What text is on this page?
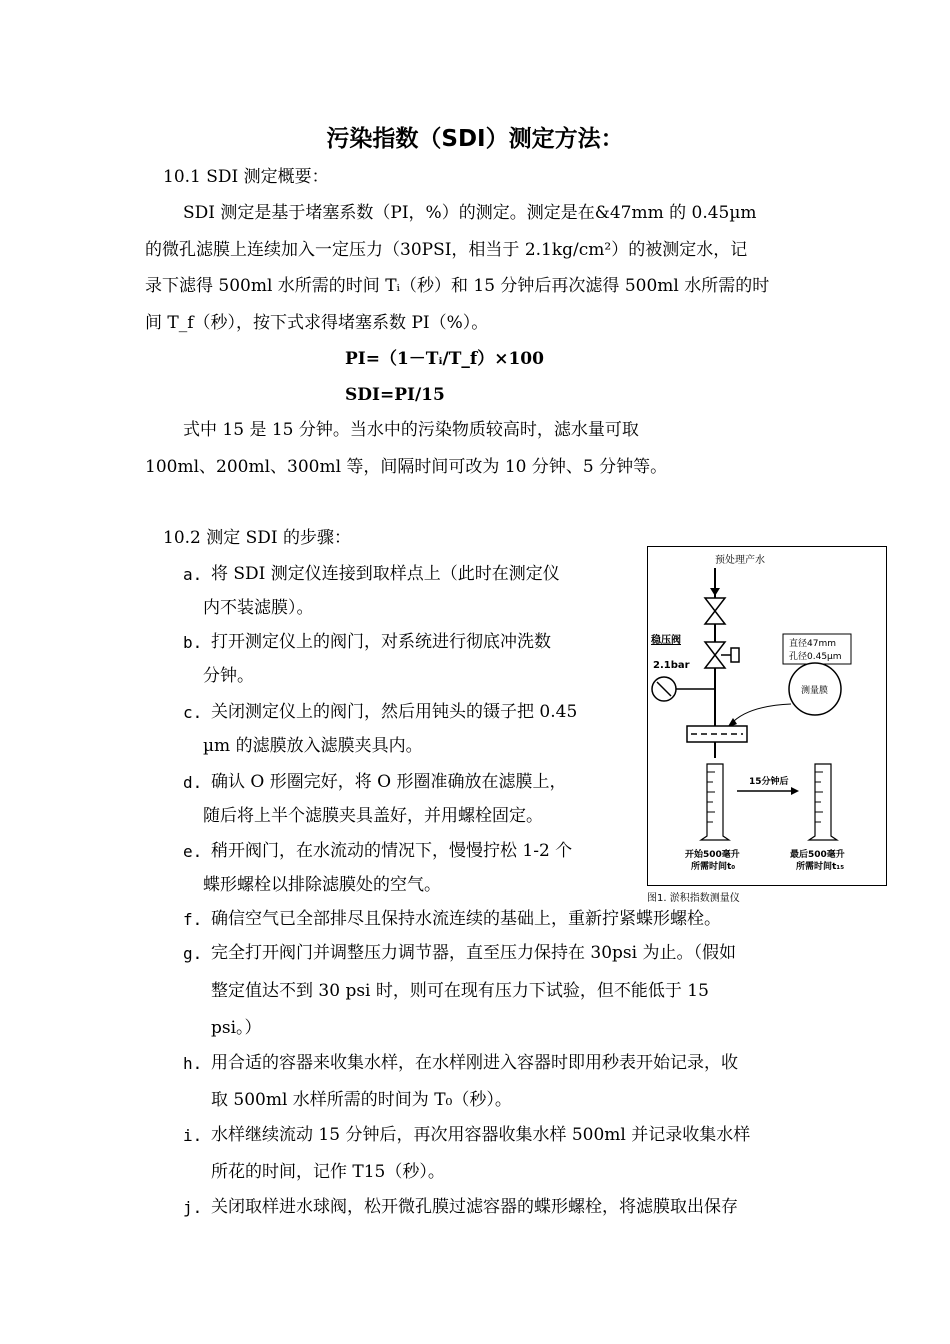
污染指数（SDI）测定方法：
10.1 SDI 测定概要：
SDI 测定是基于堵塞系数（PI，%）的测定。测定是在&47mm 的 0.45µm
的微孔滤膜上连续加入一定压力（30PSI，相当于 2.1kg/cm²）的被测定水，记
录下滤得 500ml 水所需的时间 Tᵢ（秒）和 15 分钟后再次滤得 500ml 水所需的时
间 T_f（秒），按下式求得堵塞系数 PI（%）。
PI=（1－Tᵢ/T_f）×100
SDI=PI/15
式中 15 是 15 分钟。当水中的污染物质较高时，滤水量可取
100ml、200ml、300ml 等，间隔时间可改为 10 分钟、5 分钟等。
10.2 测定 SDI 的步骤：
a. 将 SDI 测定仪连接到取样点上（此时在测定仪
内不装滤膜）。
b. 打开测定仪上的阀门，对系统进行彻底冲洗数
分钟。
c. 关闭测定仪上的阀门，然后用钝头的镊子把 0.45
µm 的滤膜放入滤膜夹具内。
d. 确认 O 形圈完好，将 O 形圈准确放在滤膜上，
随后将上半个滤膜夹具盖好，并用螺栓固定。
e. 稍开阀门，在水流动的情况下，慢慢拧松 1-2 个
蝶形螺栓以排除滤膜处的空气。
f. 确信空气已全部排尽且保持水流连续的基础上，重新拧紧蝶形螺栓。
g. 完全打开阀门并调整压力调节器，直至压力保持在 30psi 为止。（假如
整定值达不到 30 psi 时，则可在现有压力下试验，但不能低于 15
psi。）
h. 用合适的容器来收集水样，在水样刚进入容器时即用秒表开始记录，收
取 500ml 水样所需的时间为 T₀（秒）。
i. 水样继续流动 15 分钟后，再次用容器收集水样 500ml 并记录收集水样
所花的时间，记作 T15（秒）。
j. 关闭取样进水球阀，松开微孔膜过滤容器的蝶形螺栓，将滤膜取出保存
预处理产水
稳压阀
2.1bar
直径47mm
孔径0.45µm
测量膜
15分钟后
开始500毫升
所需时间t₀
最后500毫升
所需时间t₁₅
图1. 淤积指数测量仪
